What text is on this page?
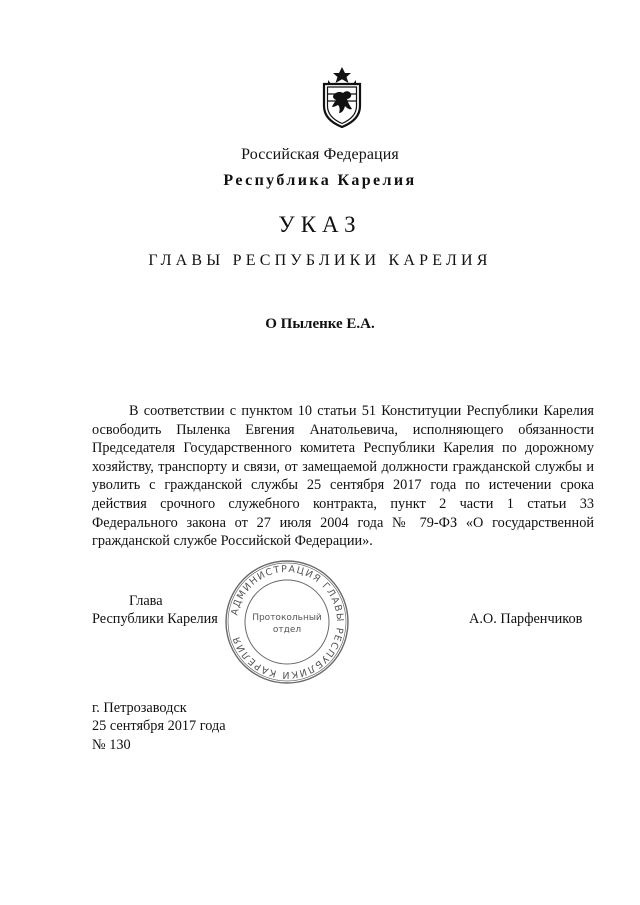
Российская Федерация
Республика Карелия
УКАЗ
ГЛАВЫ РЕСПУБЛИКИ КАРЕЛИЯ
О Пыленке Е.А.

В соответствии с пунктом 10 статьи 51 Конституции Республики Карелия освободить Пыленка Евгения Анатольевича, исполняющего обязанности Председателя Государственного комитета Республики Карелия по дорожному хозяйству, транспорту и связи, от замещаемой должности гражданской службы и уволить с гражданской службы 25 сентября 2017 года по истечении срока действия срочного служебного контракта, пункт 2 части 1 статьи 33 Федерального закона от 27 июля 2004 года № 79-ФЗ «О государственной гражданской службе Российской Федерации».

Глава
Республики Карелия	А.О. Парфенчиков
АДМИНИСТРАЦИЯ ГЛАВЫ РЕСПУБЛИКИ КАРЕЛИЯ
Протокольный
отдел
г. Петрозаводск
25 сентября 2017 года
№ 130
